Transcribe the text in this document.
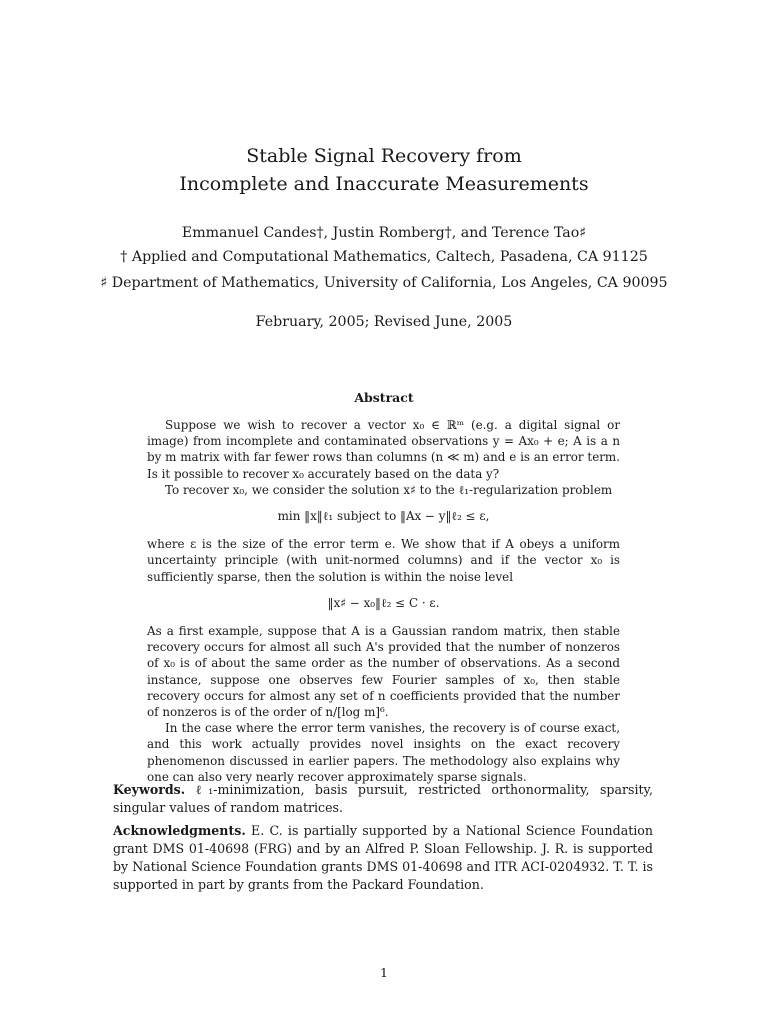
Stable Signal Recovery from
Incomplete and Inaccurate Measurements
Emmanuel Candes†, Justin Romberg†, and Terence Tao♯
† Applied and Computational Mathematics, Caltech, Pasadena, CA 91125
♯ Department of Mathematics, University of California, Los Angeles, CA 90095
February, 2005; Revised June, 2005
Abstract

Suppose we wish to recover a vector x₀ ∈ ℝᵐ (e.g. a digital signal or image) from incomplete and contaminated observations y = Ax₀ + e; A is a n by m matrix with far fewer rows than columns (n ≪ m) and e is an error term. Is it possible to recover x₀ accurately based on the data y?

To recover x₀, we consider the solution x♯ to the ℓ₁-regularization problem

min ‖x‖ℓ₁ subject to ‖Ax − y‖ℓ₂ ≤ ε,

where ε is the size of the error term e. We show that if A obeys a uniform uncertainty principle (with unit-normed columns) and if the vector x₀ is sufficiently sparse, then the solution is within the noise level

‖x♯ − x₀‖ℓ₂ ≤ C · ε.

As a first example, suppose that A is a Gaussian random matrix, then stable recovery occurs for almost all such A's provided that the number of nonzeros of x₀ is of about the same order as the number of observations. As a second instance, suppose one observes few Fourier samples of x₀, then stable recovery occurs for almost any set of n coefficients provided that the number of nonzeros is of the order of n/[log m]⁶.

In the case where the error term vanishes, the recovery is of course exact, and this work actually provides novel insights on the exact recovery phenomenon discussed in earlier papers. The methodology also explains why one can also very nearly recover approximately sparse signals.

Keywords. ℓ₁-minimization, basis pursuit, restricted orthonormality, sparsity, singular values of random matrices.
Acknowledgments. E. C. is partially supported by a National Science Foundation grant DMS 01-40698 (FRG) and by an Alfred P. Sloan Fellowship. J. R. is supported by National Science Foundation grants DMS 01-40698 and ITR ACI-0204932. T. T. is supported in part by grants from the Packard Foundation.
1
